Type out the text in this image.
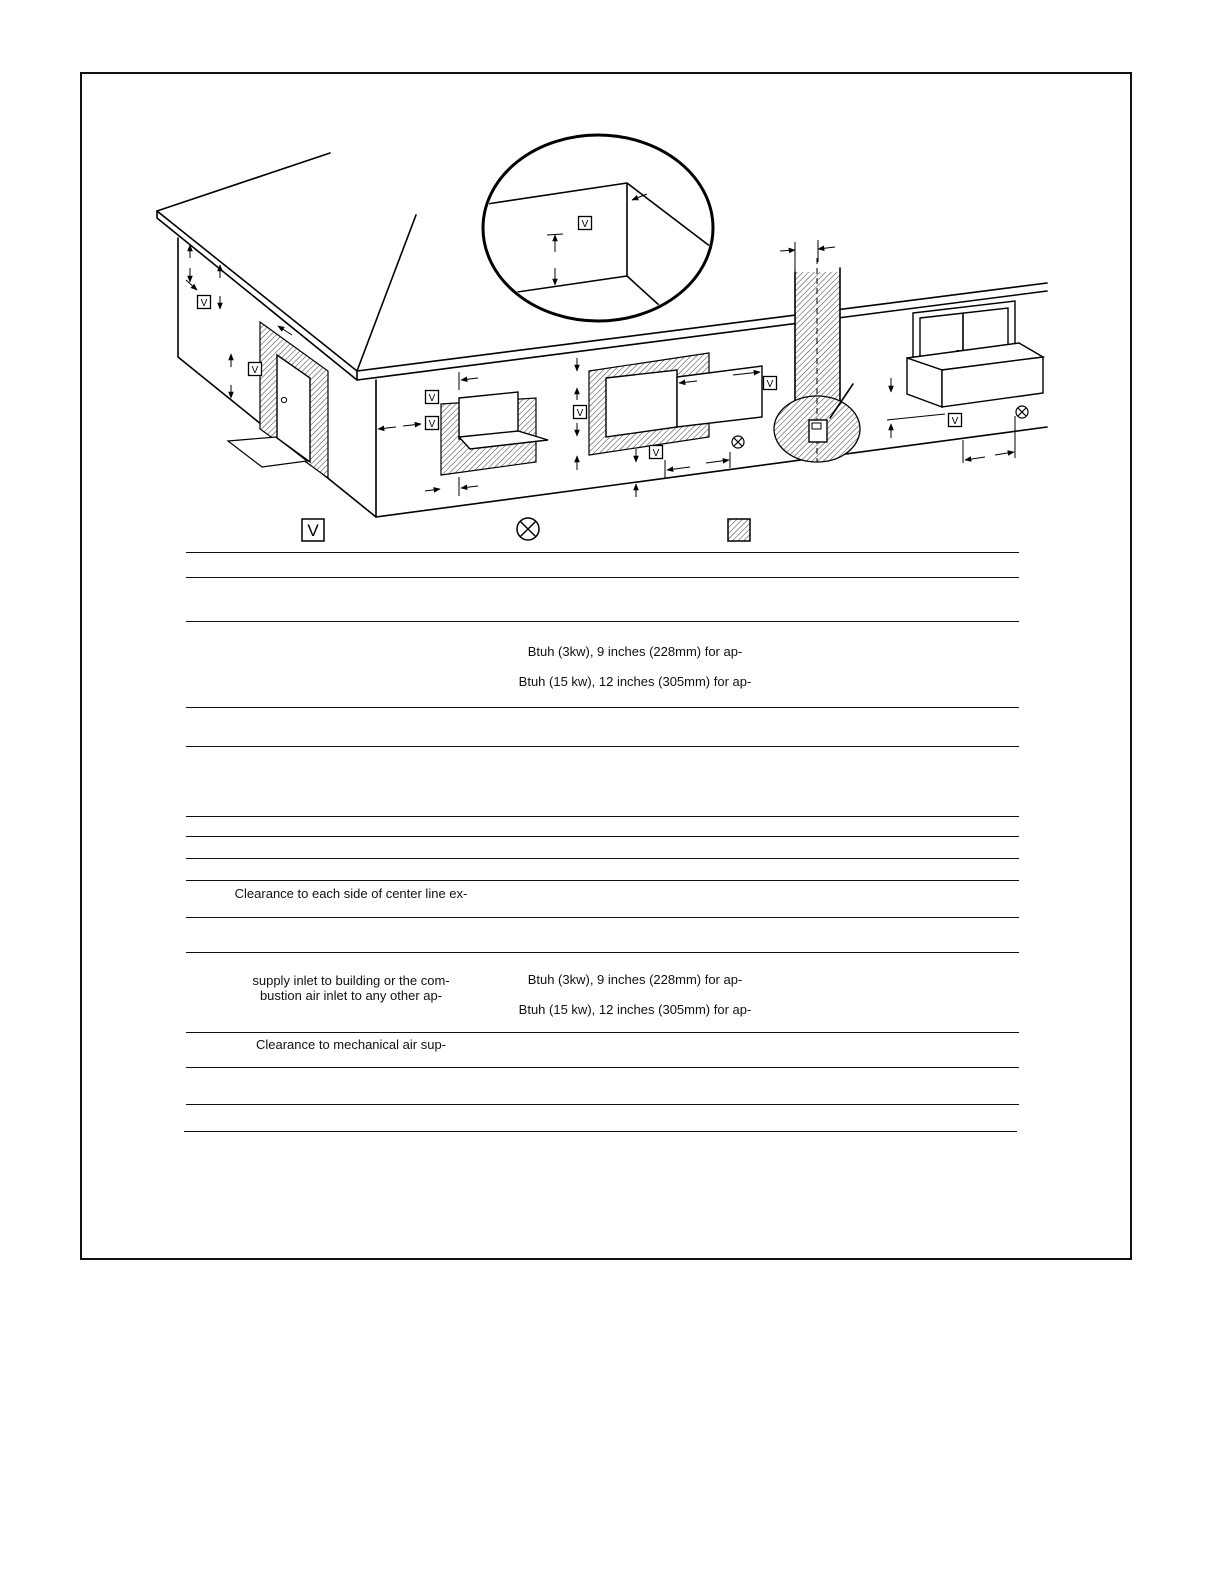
V
V
V
V
V
V
V
V
V
V
Btuh (3kw), 9 inches (228mm) for ap-
Btuh (15 kw), 12 inches (305mm) for ap-
Clearance to each side of center line ex-
supply inlet to building or the com-
bustion air inlet to any other ap-
Btuh (3kw), 9 inches (228mm) for ap-
Btuh (15 kw), 12 inches (305mm) for ap-
Clearance to mechanical air sup-
